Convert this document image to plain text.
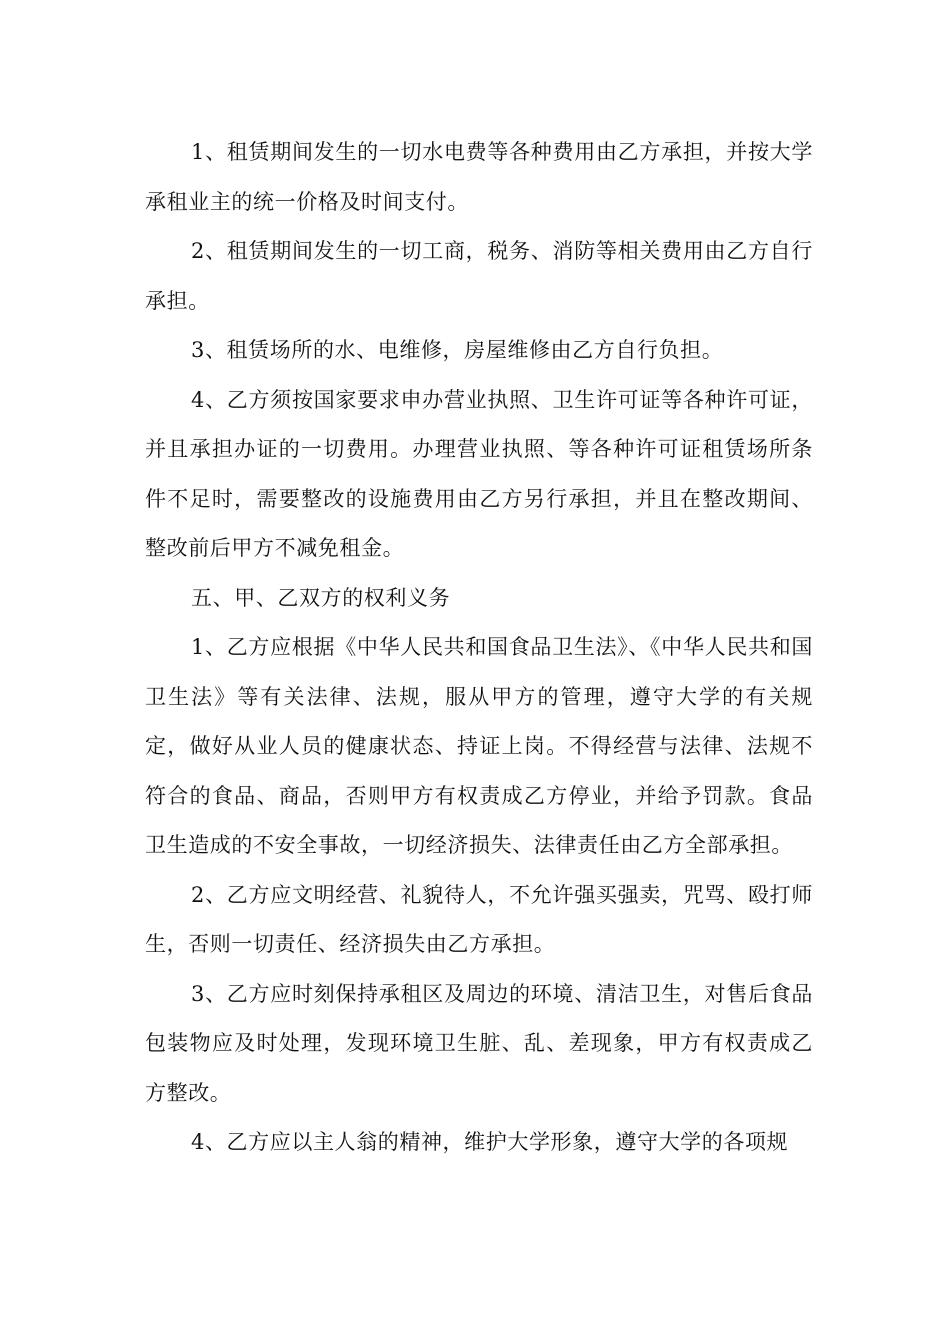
1、租赁期间发生的一切水电费等各种费用由乙方承担，并按大学承租业主的统一价格及时间支付。

2、租赁期间发生的一切工商，税务、消防等相关费用由乙方自行承担。

3、租赁场所的水、电维修，房屋维修由乙方自行负担。

4、乙方须按国家要求申办营业执照、卫生许可证等各种许可证，并且承担办证的一切费用。办理营业执照、等各种许可证租赁场所条件不足时，需要整改的设施费用由乙方另行承担，并且在整改期间、整改前后甲方不减免租金。

五、甲、乙双方的权利义务

1、乙方应根据《中华人民共和国食品卫生法》、《中华人民共和国卫生法》等有关法律、法规，服从甲方的管理，遵守大学的有关规定，做好从业人员的健康状态、持证上岗。不得经营与法律、法规不符合的食品、商品，否则甲方有权责成乙方停业，并给予罚款。食品卫生造成的不安全事故，一切经济损失、法律责任由乙方全部承担。

2、乙方应文明经营、礼貌待人，不允许强买强卖，咒骂、殴打师生，否则一切责任、经济损失由乙方承担。

3、乙方应时刻保持承租区及周边的环境、清洁卫生，对售后食品包装物应及时处理，发现环境卫生脏、乱、差现象，甲方有权责成乙方整改。

4、乙方应以主人翁的精神，维护大学形象，遵守大学的各项规
